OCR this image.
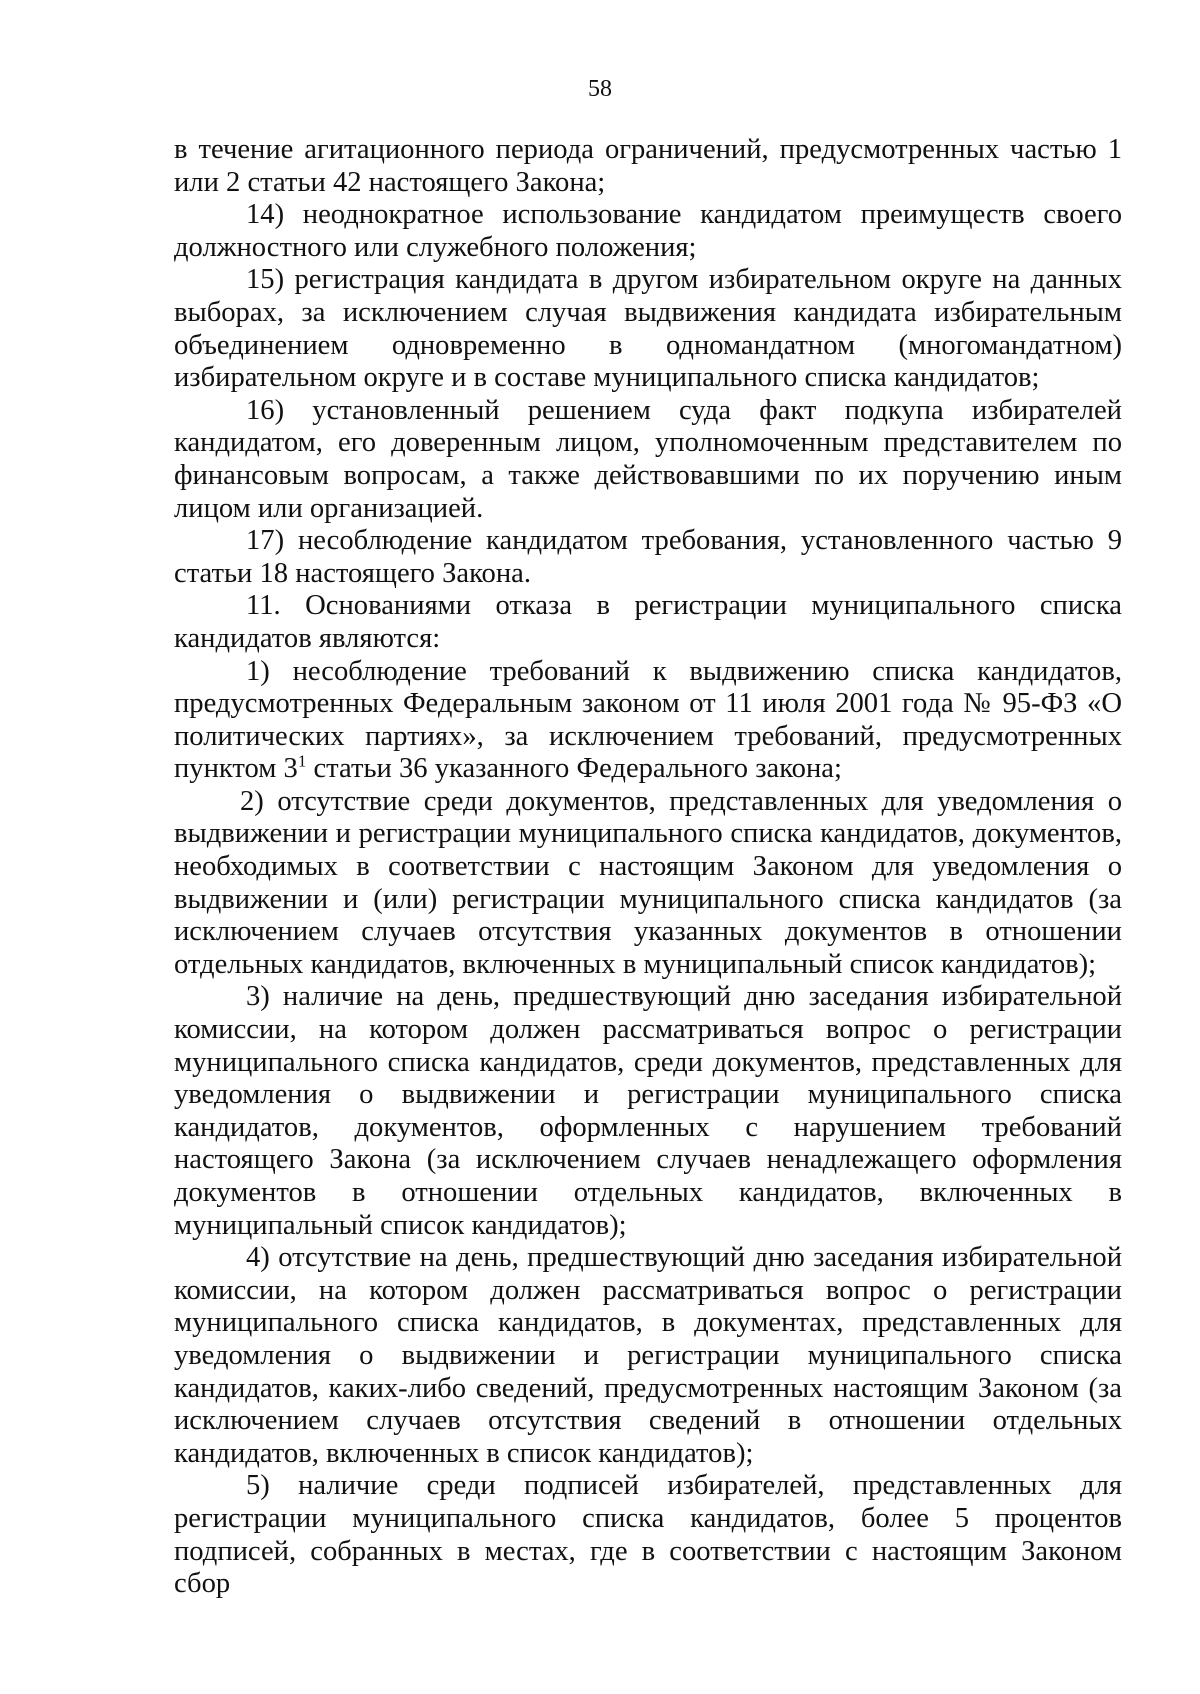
58

в течение агитационного периода ограничений, предусмотренных частью 1 или 2 статьи 42 настоящего Закона;

14) неоднократное использование кандидатом преимуществ своего должностного или служебного положения;

15) регистрация кандидата в другом избирательном округе на данных выборах, за исключением случая выдвижения кандидата избирательным объединением одновременно в одномандатном (многомандатном) избирательном округе и в составе муниципального списка кандидатов;

16) установленный решением суда факт подкупа избирателей кандидатом, его доверенным лицом, уполномоченным представителем по финансовым вопросам, а также действовавшими по их поручению иным лицом или организацией.

17) несоблюдение кандидатом требования, установленного частью 9 статьи 18 настоящего Закона.

11. Основаниями отказа в регистрации муниципального списка кандидатов являются:

1) несоблюдение требований к выдвижению списка кандидатов, предусмотренных Федеральным законом от 11 июля 2001 года № 95-ФЗ «О политических партиях», за исключением требований, предусмотренных пунктом $3^1$ статьи 36 указанного Федерального закона;

2) отсутствие среди документов, представленных для уведомления о выдвижении и регистрации муниципального списка кандидатов, документов, необходимых в соответствии с настоящим Законом для уведомления о выдвижении и (или) регистрации муниципального списка кандидатов (за исключением случаев отсутствия указанных документов в отношении отдельных кандидатов, включенных в муниципальный список кандидатов);

3) наличие на день, предшествующий дню заседания избирательной комиссии, на котором должен рассматриваться вопрос о регистрации муниципального списка кандидатов, среди документов, представленных для уведомления о выдвижении и регистрации муниципального списка кандидатов, документов, оформленных с нарушением требований настоящего Закона (за исключением случаев ненадлежащего оформления документов в отношении отдельных кандидатов, включенных в муниципальный список кандидатов);

4) отсутствие на день, предшествующий дню заседания избирательной комиссии, на котором должен рассматриваться вопрос о регистрации муниципального списка кандидатов, в документах, представленных для уведомления о выдвижении и регистрации муниципального списка кандидатов, каких-либо сведений, предусмотренных настоящим Законом (за исключением случаев отсутствия сведений в отношении отдельных кандидатов, включенных в список кандидатов);

5) наличие среди подписей избирателей, представленных для регистрации муниципального списка кандидатов, более 5 процентов подписей, собранных в местах, где в соответствии с настоящим Законом сбор
